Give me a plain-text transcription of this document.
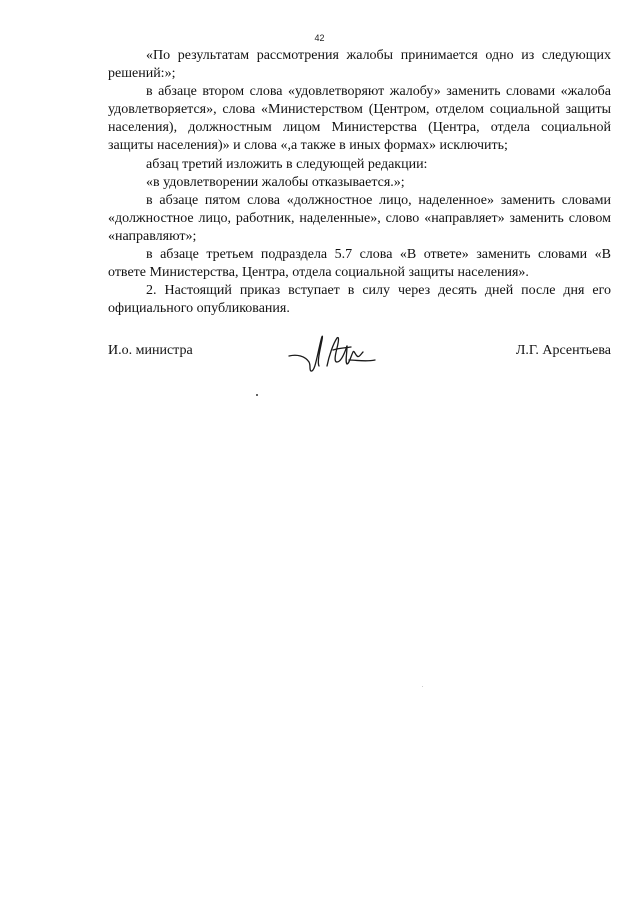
42

«По результатам рассмотрения жалобы принимается одно из следующих решений:»;

в абзаце втором слова «удовлетворяют жалобу» заменить словами «жалоба удовлетворяется», слова «Министерством (Центром, отделом социальной защиты населения), должностным лицом Министерства (Центра, отдела социальной защиты населения)» и слова «,а также в иных формах» исключить;

абзац третий изложить в следующей редакции:

«в удовлетворении жалобы отказывается.»;

в абзаце пятом слова «должностное лицо, наделенное» заменить словами «должностное лицо, работник, наделенные», слово «направляет» заменить словом «направляют»;

в абзаце третьем подраздела 5.7 слова «В ответе» заменить словами «В ответе Министерства, Центра, отдела социальной защиты населения».

2. Настоящий приказ вступает в силу через десять дней после дня его официального опубликования.

И.о. министра	Л.Г. Арсентьева
